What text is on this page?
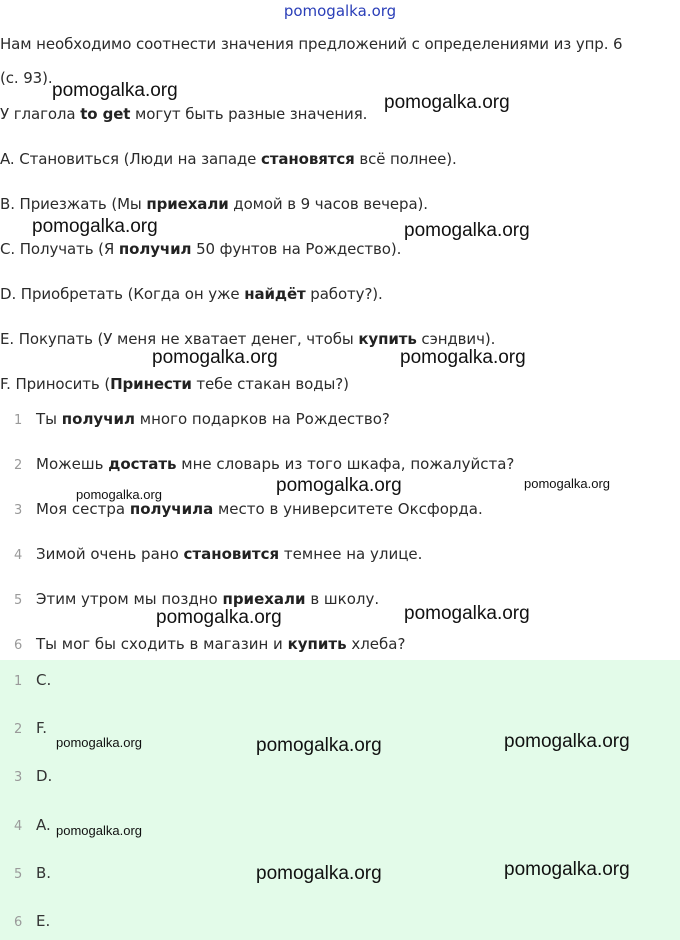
pomogalka.org
Нам необходимо соотнести значения предложений с определениями из упр. 6
(с. 93).
У глагола to get могут быть разные значения.
A. Становиться (Люди на западе становятся всё полнее).
B. Приезжать (Мы приехали домой в 9 часов вечера).
C. Получать (Я получил 50 фунтов на Рождество).
D. Приобретать (Когда он уже найдёт работу?).
E. Покупать (У меня не хватает денег, чтобы купить сэндвич).
F. Приносить (Принести тебе стакан воды?)
1 Ты получил много подарков на Рождество?
2 Можешь достать мне словарь из того шкафа, пожалуйста?
3 Моя сестра получила место в университете Оксфорда.
4 Зимой очень рано становится темнее на улице.
5 Этим утром мы поздно приехали в школу.
6 Ты мог бы сходить в магазин и купить хлеба?
1 C.
2 F.
3 D.
4 A.
5 B.
6 E.
pomogalka.org
pomogalka.org
pomogalka.org	pomogalka.org
pomogalka.org	pomogalka.org
pomogalka.org	pomogalka.org	pomogalka.org
pomogalka.org	pomogalka.org
pomogalka.org	pomogalka.org	pomogalka.org
pomogalka.org
pomogalka.org	pomogalka.org
